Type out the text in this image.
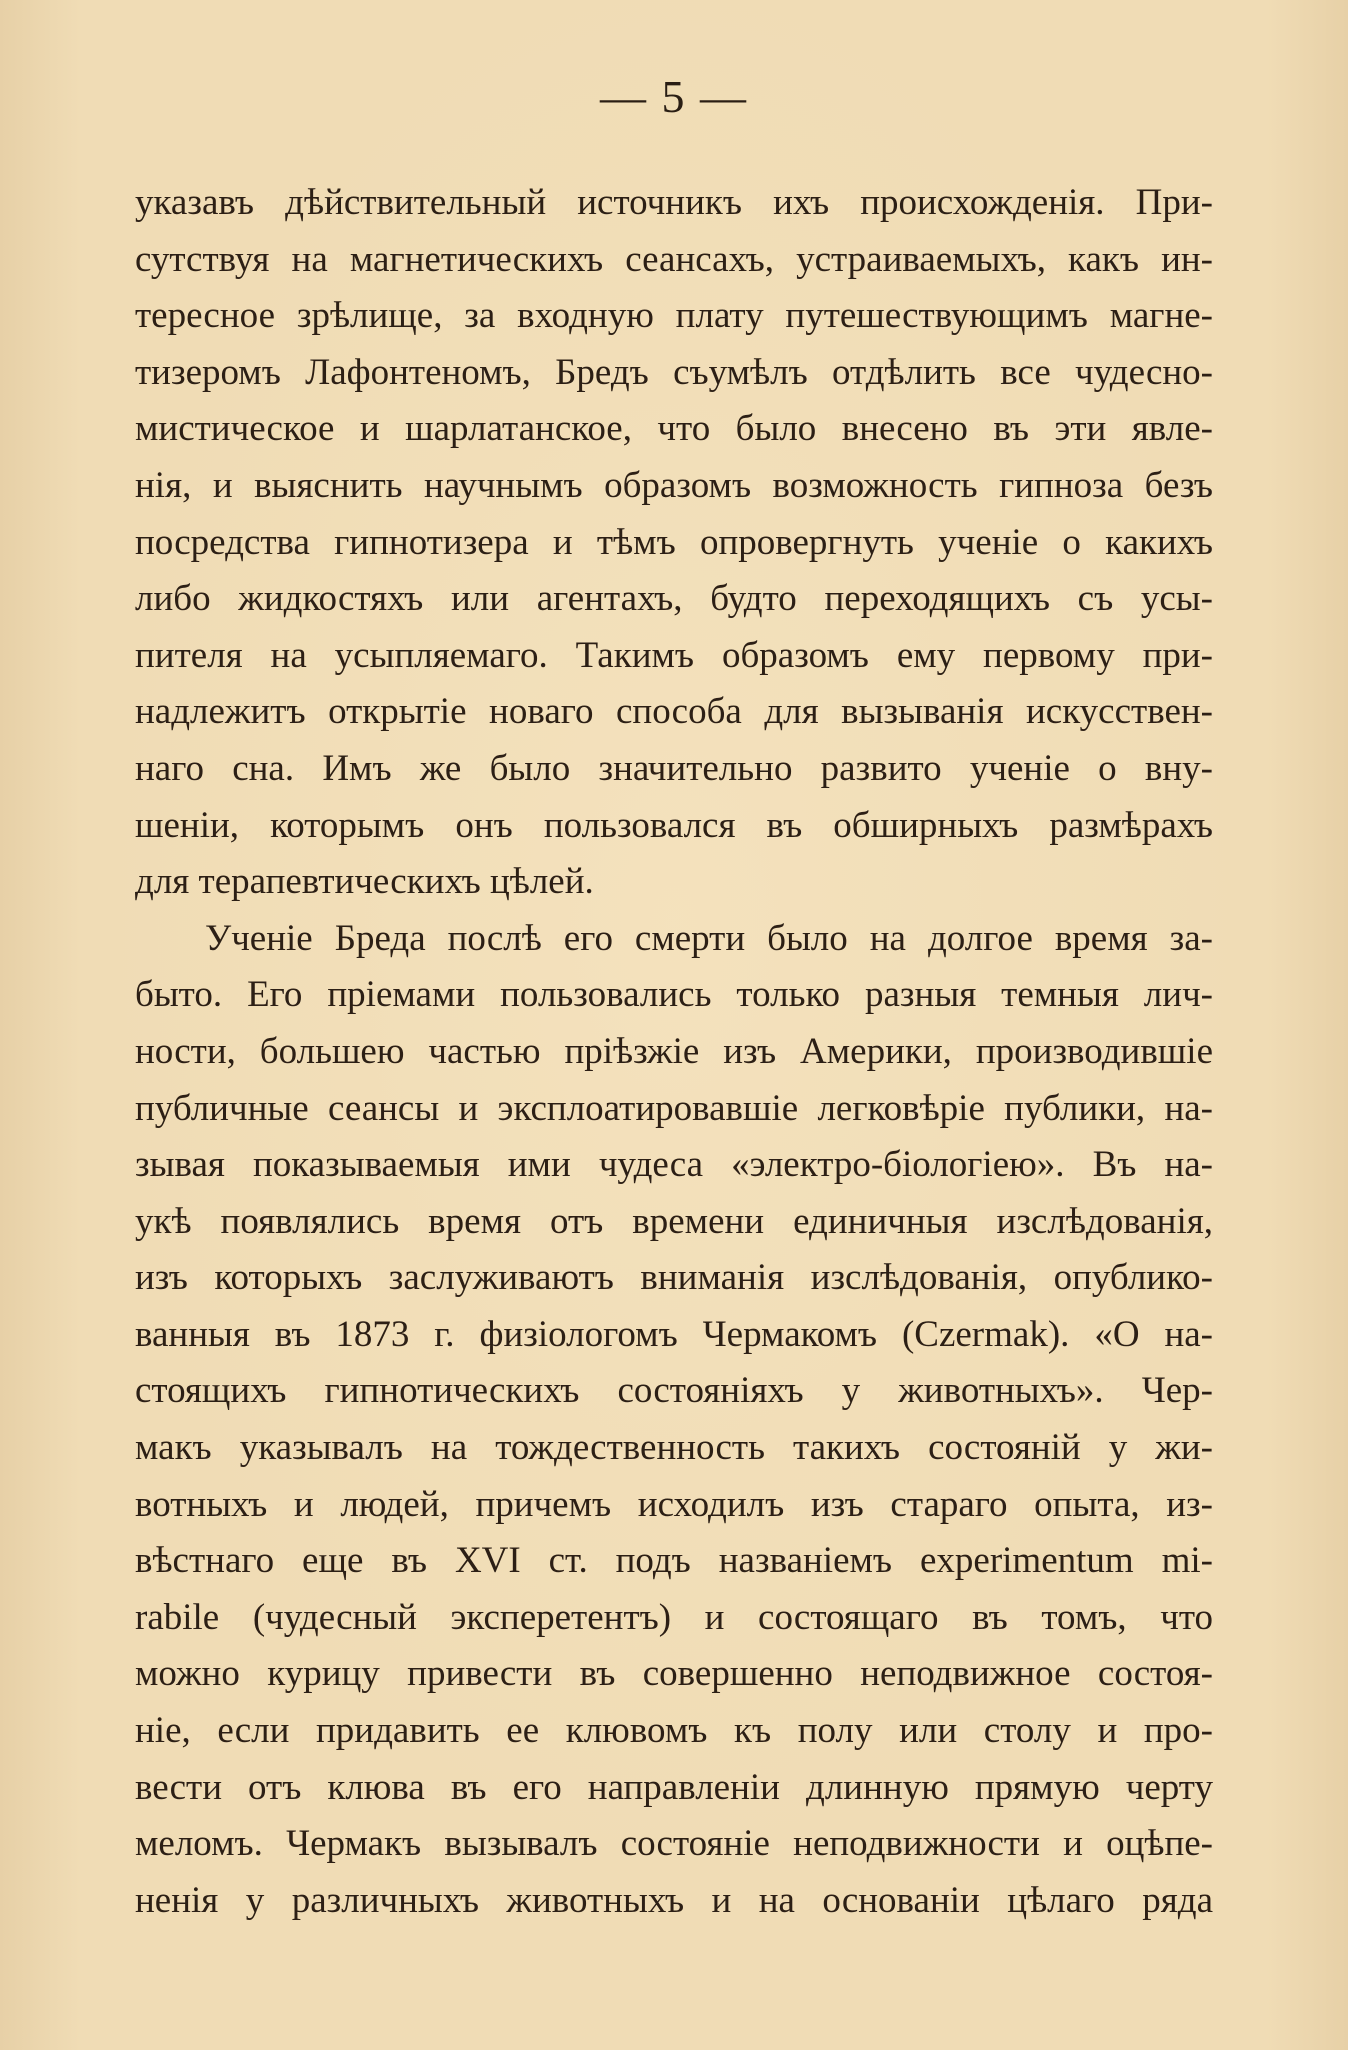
— 5 —

указавъ дѣйствительный источникъ ихъ происхожденія. При-
сутствуя на магнетическихъ сеансахъ, устраиваемыхъ, какъ ин-
тересное зрѣлище, за входную плату путешествующимъ магне-
тизеромъ Лафонтеномъ, Бредъ съумѣлъ отдѣлить все чудесно-
мистическое и шарлатанское, что было внесено въ эти явле-
нія, и выяснить научнымъ образомъ возможность гипноза безъ
посредства гипнотизера и тѣмъ опровергнуть ученіе о какихъ
либо жидкостяхъ или агентахъ, будто переходящихъ съ усы-
пителя на усыпляемаго. Такимъ образомъ ему первому при-
надлежитъ открытіе новаго способа для вызыванія искусствен-
наго сна. Имъ же было значительно развито ученіе о вну-
шеніи, которымъ онъ пользовался въ обширныхъ размѣрахъ
для терапевтическихъ цѣлей.
Ученіе Бреда послѣ его смерти было на долгое время за-
быто. Его пріемами пользовались только разныя темныя лич-
ности, большею частью пріѣзжіе изъ Америки, производившіе
публичные сеансы и эксплоатировавшіе легковѣріе публики, на-
зывая показываемыя ими чудеса «электро-біологіею». Въ на-
укѣ появлялись время отъ времени единичныя изслѣдованія,
изъ которыхъ заслуживаютъ вниманія изслѣдованія, опублико-
ванныя въ 1873 г. физіологомъ Чермакомъ (Czermak). «О на-
стоящихъ гипнотическихъ состояніяхъ у животныхъ». Чер-
макъ указывалъ на тождественность такихъ состояній у жи-
вотныхъ и людей, причемъ исходилъ изъ стараго опыта, из-
вѣстнаго еще въ XVI ст. подъ названіемъ experimentum mi-
rabile (чудесный эксперетентъ) и состоящаго въ томъ, что
можно курицу привести въ совершенно неподвижное состоя-
ніе, если придавить ее клювомъ къ полу или столу и про-
вести отъ клюва въ его направленіи длинную прямую черту
меломъ. Чермакъ вызывалъ состояніе неподвижности и оцѣпе-
ненія у различныхъ животныхъ и на основаніи цѣлаго ряда
